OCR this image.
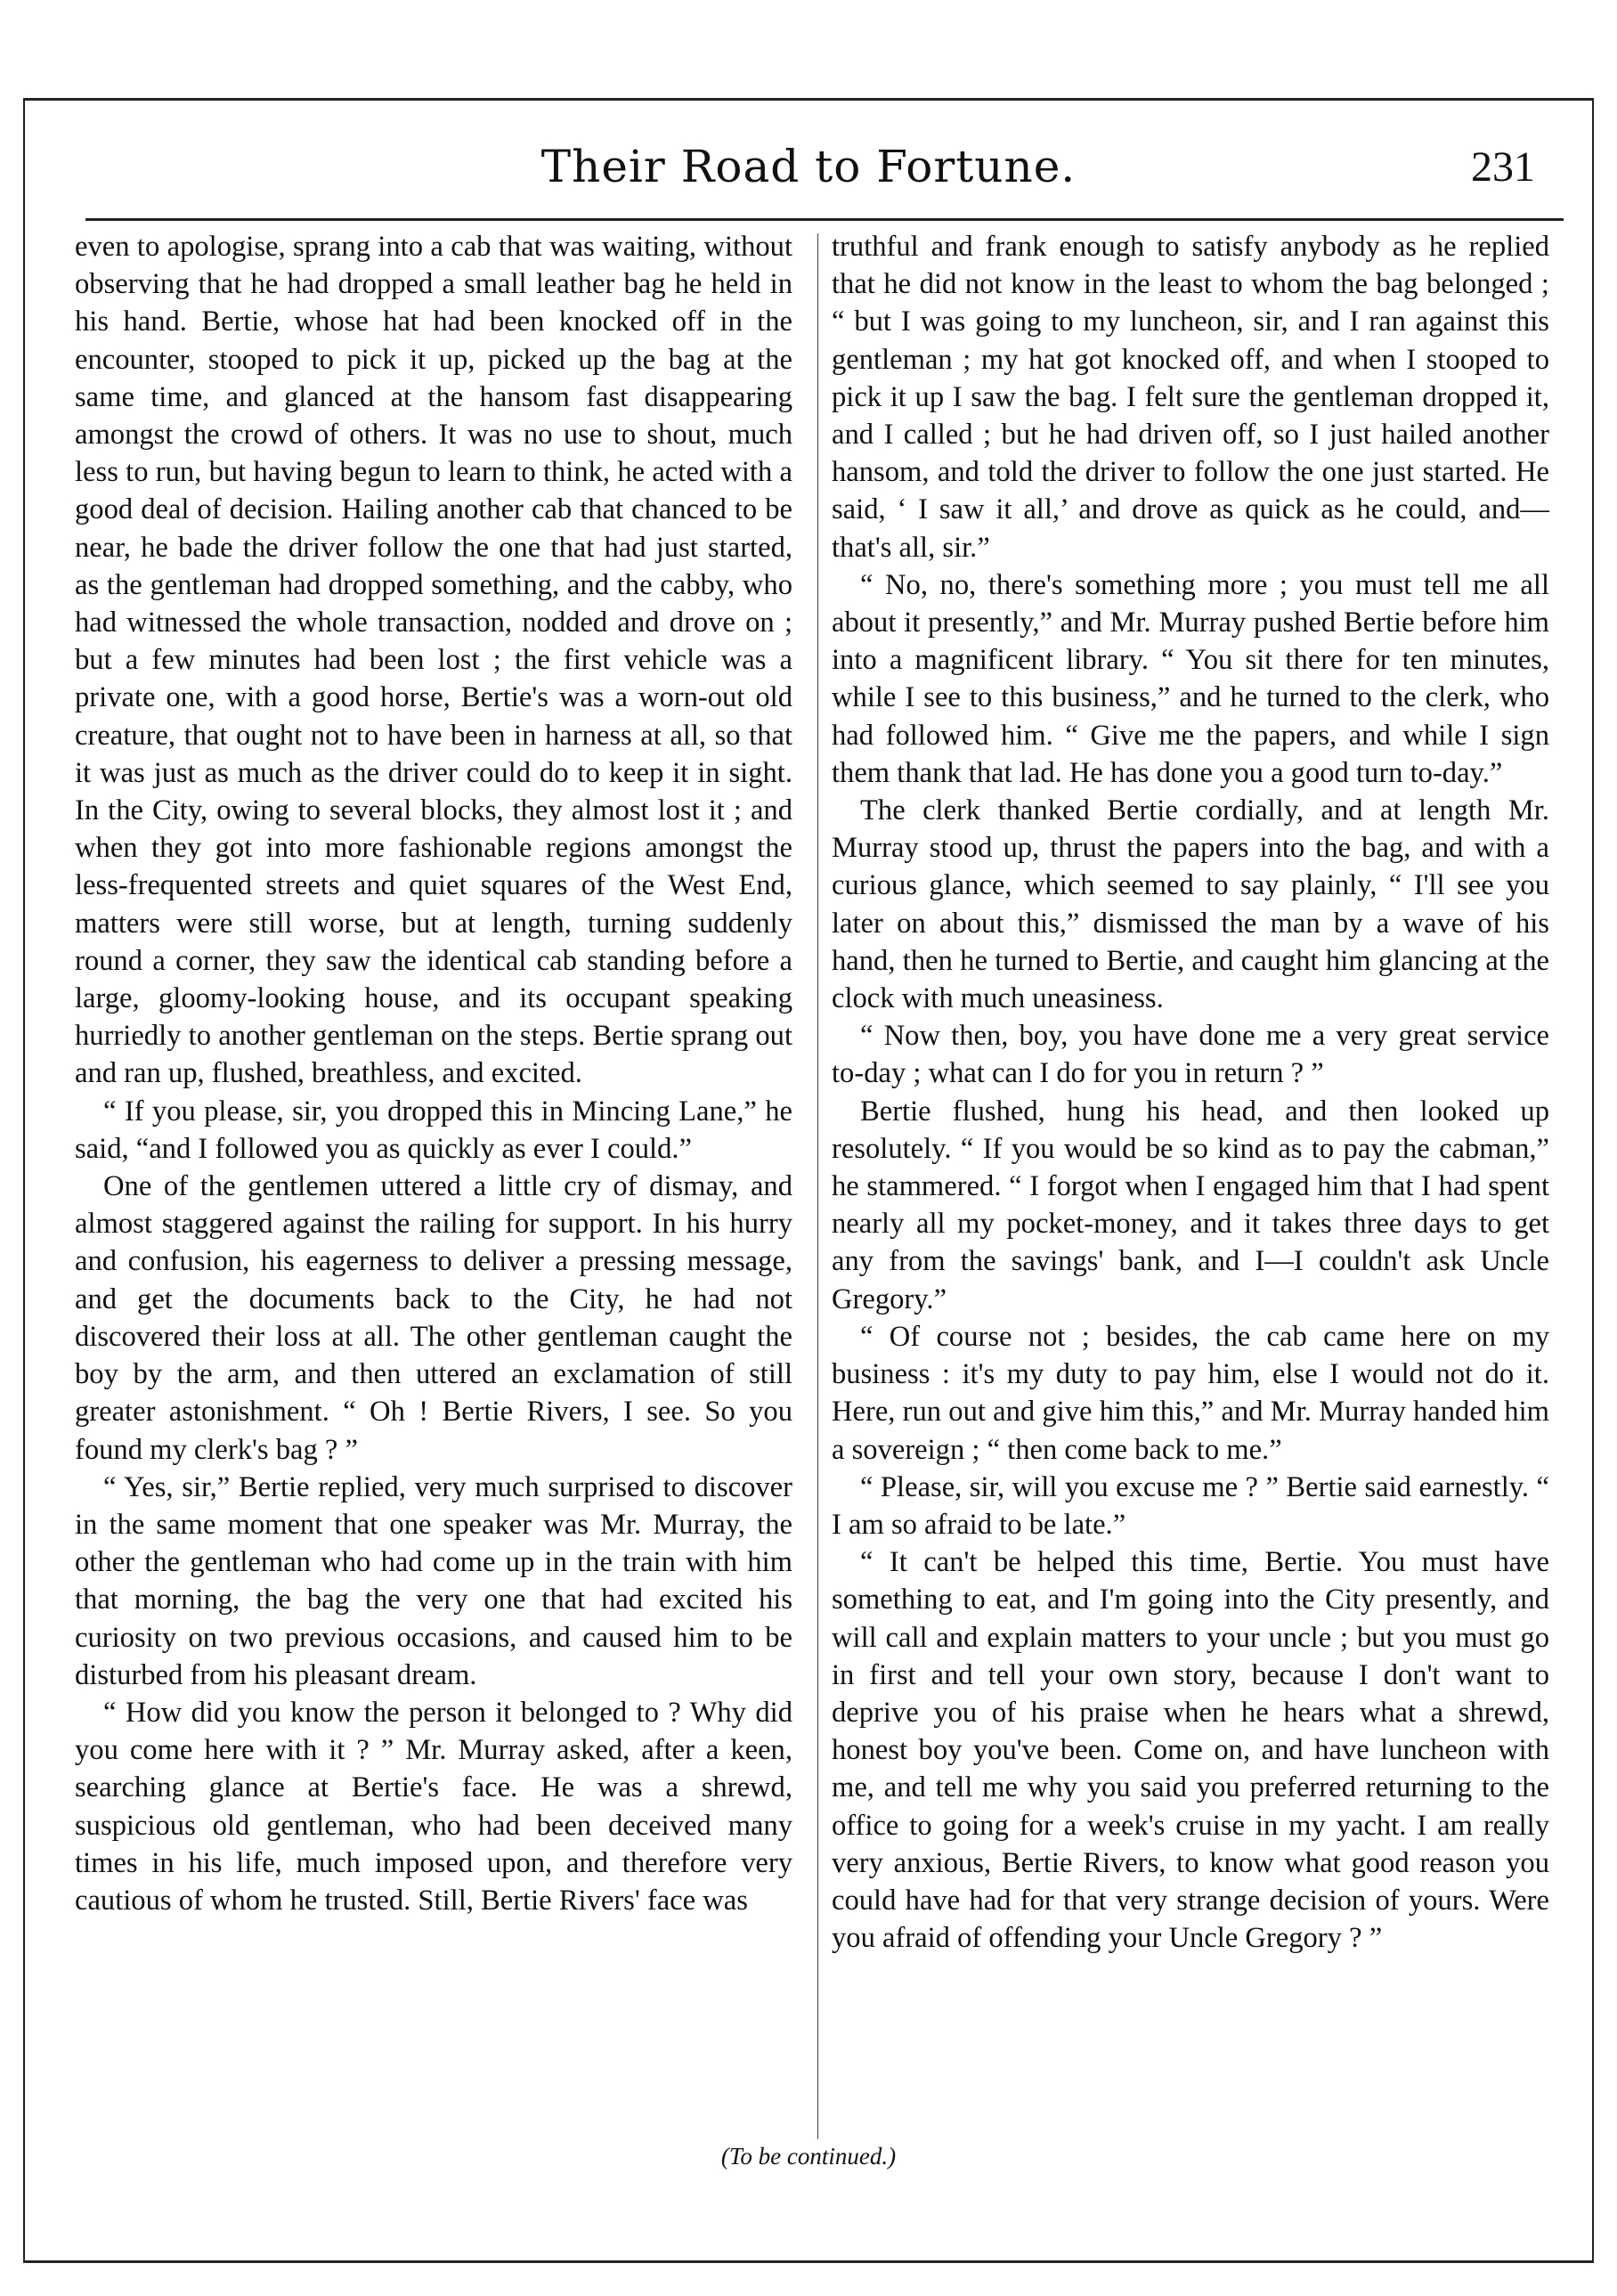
Their Road to Fortune.	231

even to apologise, sprang into a cab that was waiting, without observing that he had dropped a small leather bag he held in his hand. Bertie, whose hat had been knocked off in the encounter, stooped to pick it up, picked up the bag at the same time, and glanced at the hansom fast disappearing amongst the crowd of others. It was no use to shout, much less to run, but having begun to learn to think, he acted with a good deal of decision. Hailing another cab that chanced to be near, he bade the driver follow the one that had just started, as the gentleman had dropped something, and the cabby, who had witnessed the whole transaction, nodded and drove on ; but a few minutes had been lost ; the first vehicle was a private one, with a good horse, Bertie's was a worn-out old creature, that ought not to have been in harness at all, so that it was just as much as the driver could do to keep it in sight. In the City, owing to several blocks, they almost lost it ; and when they got into more fashionable regions amongst the less-frequented streets and quiet squares of the West End, matters were still worse, but at length, turning suddenly round a corner, they saw the identical cab standing before a large, gloomy-looking house, and its occupant speaking hurriedly to another gentleman on the steps. Bertie sprang out and ran up, flushed, breathless, and excited.

“ If you please, sir, you dropped this in Mincing Lane,” he said, “and I followed you as quickly as ever I could.”

One of the gentlemen uttered a little cry of dismay, and almost staggered against the railing for support. In his hurry and confusion, his eagerness to deliver a pressing message, and get the documents back to the City, he had not discovered their loss at all. The other gentleman caught the boy by the arm, and then uttered an exclamation of still greater astonishment. “ Oh ! Bertie Rivers, I see. So you found my clerk's bag ? ”

“ Yes, sir,” Bertie replied, very much surprised to discover in the same moment that one speaker was Mr. Murray, the other the gentleman who had come up in the train with him that morning, the bag the very one that had excited his curiosity on two previous occasions, and caused him to be disturbed from his pleasant dream.

“ How did you know the person it belonged to ? Why did you come here with it ? ” Mr. Murray asked, after a keen, searching glance at Bertie's face. He was a shrewd, suspicious old gentleman, who had been deceived many times in his life, much imposed upon, and therefore very cautious of whom he trusted. Still, Bertie Rivers' face was

truthful and frank enough to satisfy anybody as he replied that he did not know in the least to whom the bag belonged ; “ but I was going to my luncheon, sir, and I ran against this gentleman ; my hat got knocked off, and when I stooped to pick it up I saw the bag. I felt sure the gentleman dropped it, and I called ; but he had driven off, so I just hailed another hansom, and told the driver to follow the one just started. He said, ‘ I saw it all,’ and drove as quick as he could, and— that's all, sir.”

“ No, no, there's something more ; you must tell me all about it presently,” and Mr. Murray pushed Bertie before him into a magnificent library. “ You sit there for ten minutes, while I see to this business,” and he turned to the clerk, who had followed him. “ Give me the papers, and while I sign them thank that lad. He has done you a good turn to-day.”

The clerk thanked Bertie cordially, and at length Mr. Murray stood up, thrust the papers into the bag, and with a curious glance, which seemed to say plainly, “ I'll see you later on about this,” dismissed the man by a wave of his hand, then he turned to Bertie, and caught him glancing at the clock with much uneasiness.

“ Now then, boy, you have done me a very great service to-day ; what can I do for you in return ? ”

Bertie flushed, hung his head, and then looked up resolutely. “ If you would be so kind as to pay the cabman,” he stammered. “ I forgot when I engaged him that I had spent nearly all my pocket-money, and it takes three days to get any from the savings' bank, and I—I couldn't ask Uncle Gregory.”

“ Of course not ; besides, the cab came here on my business : it's my duty to pay him, else I would not do it. Here, run out and give him this,” and Mr. Murray handed him a sovereign ; “ then come back to me.”

“ Please, sir, will you excuse me ? ” Bertie said earnestly. “ I am so afraid to be late.”

“ It can't be helped this time, Bertie. You must have something to eat, and I'm going into the City presently, and will call and explain matters to your uncle ; but you must go in first and tell your own story, because I don't want to deprive you of his praise when he hears what a shrewd, honest boy you've been. Come on, and have luncheon with me, and tell me why you said you preferred returning to the office to going for a week's cruise in my yacht. I am really very anxious, Bertie Rivers, to know what good reason you could have had for that very strange decision of yours. Were you afraid of offending your Uncle Gregory ? ”

(To be continued.)
